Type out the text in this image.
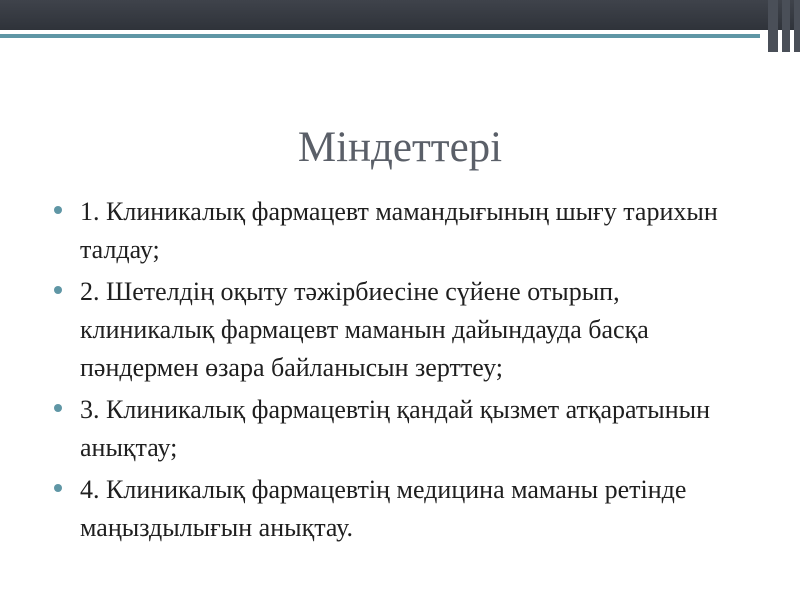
Міндеттері
1. Клиникалық фармацевт мамандығының шығу тарихын талдау;
2. Шетелдің оқыту тәжірбиесіне сүйене отырып, клиникалық фармацевт маманын дайындауда басқа пәндермен өзара байланысын зерттеу;
3. Клиникалық фармацевтің қандай қызмет атқаратынын анықтау;
4. Клиникалық фармацевтің медицина маманы ретінде маңыздылығын анықтау.
